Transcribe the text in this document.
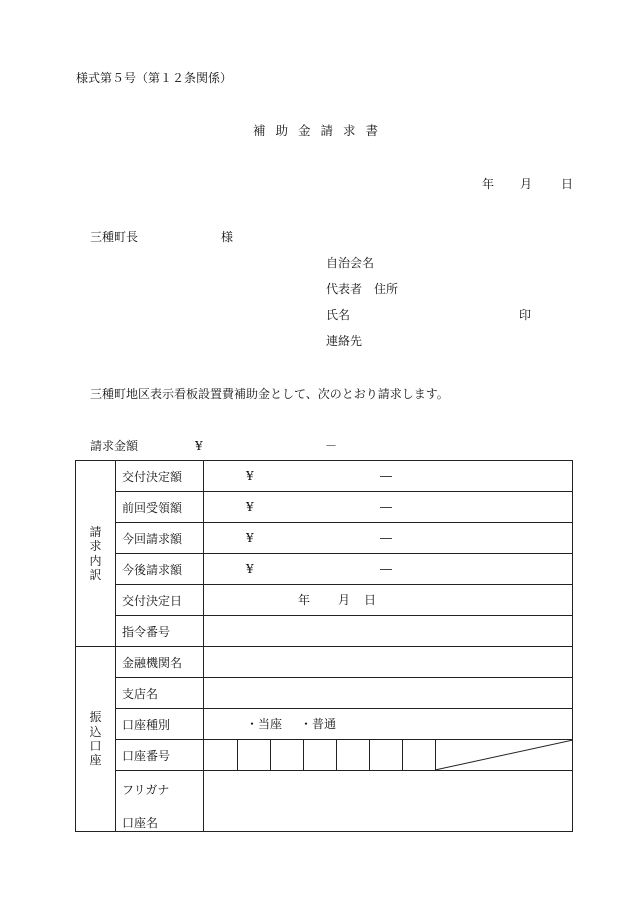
様式第５号（第１２条関係）
補助金請求書
年 月 日
三種町長	様
自治会名
代表者　住所
氏名	印
連絡先
三種町地区表示看板設置費補助金として、次のとおり請求します。
請求金額	¥	－
請
求
内
訳	交付決定額	¥ ―

	前回受領額	¥ ―

	今回請求額	¥ ―

	今後請求額	¥ ―

	交付決定日	年 月 日

	指令番号	

振
込
口
座	金融機関名	
	支店名	
	口座種別	・当座 ・普通

	口座番号	

	フリガナ
口座名	
